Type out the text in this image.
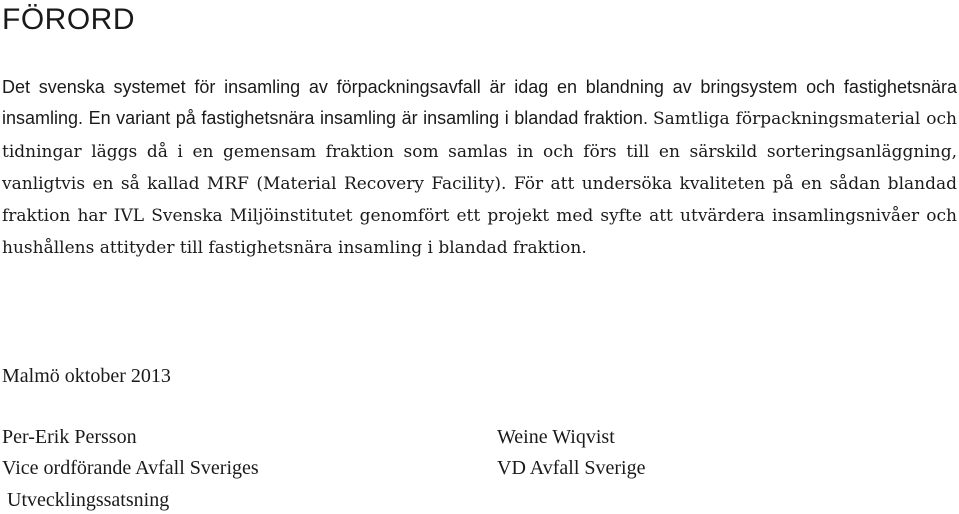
FÖRORD

Det svenska systemet för insamling av förpackningsavfall är idag en blandning av bringsystem och fastighetsnära insamling. En variant på fastighetsnära insamling är insamling i blandad fraktion. Samtliga förpackningsmaterial och tidningar läggs då i en gemensam fraktion som samlas in och förs till en särskild sorteringsanläggning, vanligtvis en så kallad MRF (Material Recovery Facility). För att undersöka kvaliteten på en sådan blandad fraktion har IVL Svenska Miljöinstitutet genomfört ett projekt med syfte att utvärdera insamlingsnivåer och hushållens attityder till fastighetsnära insamling i blandad fraktion.

Malmö oktober 2013
Per-Erik Persson
Vice ordförande Avfall Sveriges
Utvecklingssatsning
Weine Wiqvist
VD Avfall Sverige
